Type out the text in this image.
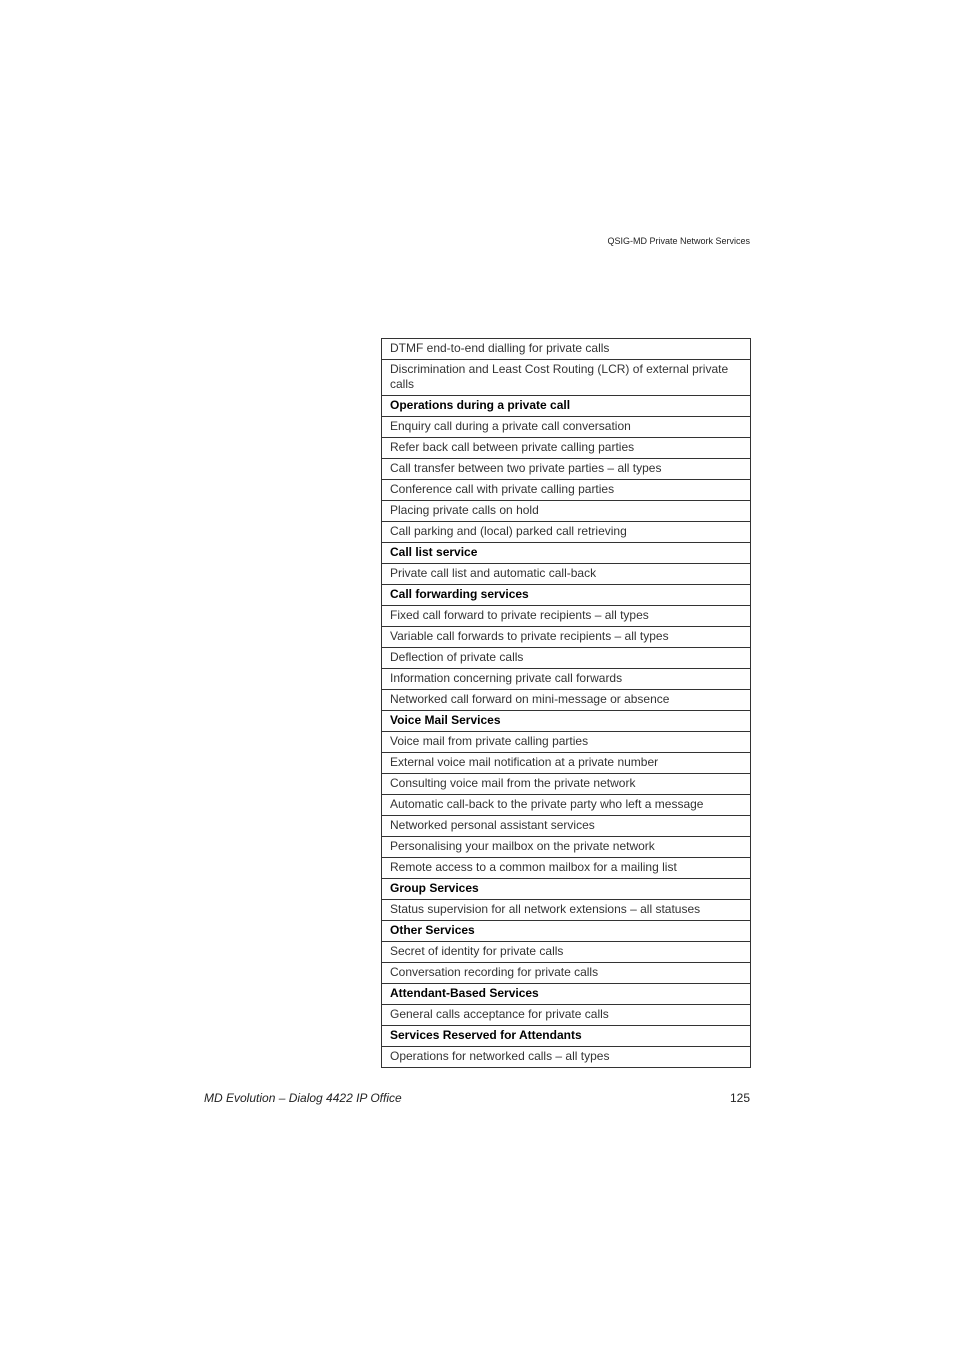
QSIG-MD Private Network Services
DTMF end-to-end dialling for private calls
Discrimination and Least Cost Routing (LCR) of external private calls
Operations during a private call
Enquiry call during a private call conversation
Refer back call between private calling parties
Call transfer between two private parties – all types
Conference call with private calling parties
Placing private calls on hold
Call parking and (local) parked call retrieving
Call list service
Private call list and automatic call-back
Call forwarding services
Fixed call forward to private recipients – all types
Variable call forwards to private recipients – all types
Deflection of private calls
Information concerning private call forwards
Networked call forward on mini-message or absence
Voice Mail Services
Voice mail from private calling parties
External voice mail notification at a private number
Consulting voice mail from the private network
Automatic call-back to the private party who left a message
Networked personal assistant services
Personalising your mailbox on the private network
Remote access to a common mailbox for a mailing list
Group Services
Status supervision for all network extensions – all statuses
Other Services
Secret of identity for private calls
Conversation recording for private calls
Attendant-Based Services
General calls acceptance for private calls
Services Reserved for Attendants
Operations for networked calls – all types
MD Evolution – Dialog 4422 IP Office	125
